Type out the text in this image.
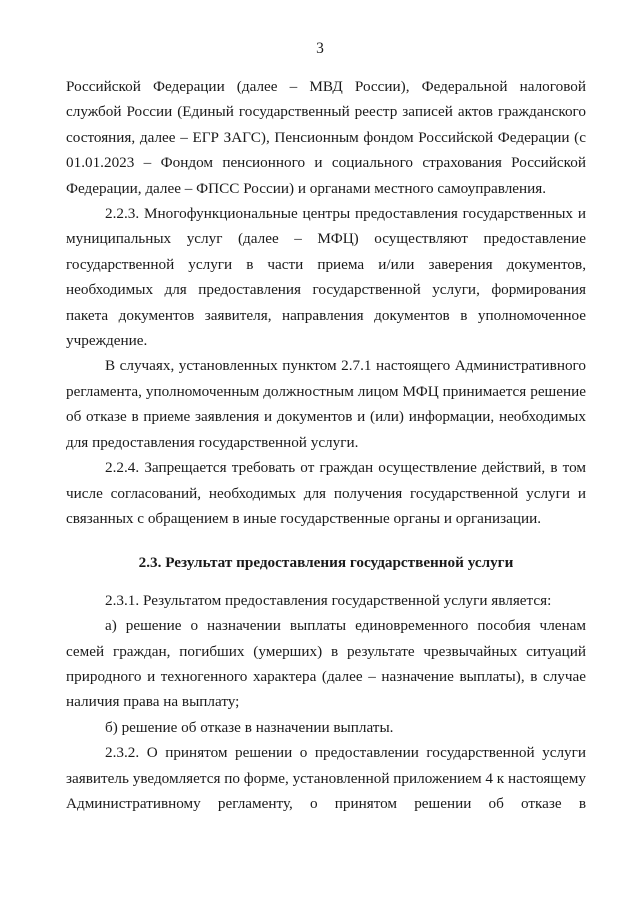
3

Российской Федерации (далее – МВД России), Федеральной налоговой службой России (Единый государственный реестр записей актов гражданского состояния, далее – ЕГР ЗАГС), Пенсионным фондом Российской Федерации (с 01.01.2023 – Фондом пенсионного и социального страхования Российской Федерации, далее – ФПСС России) и органами местного самоуправления.

2.2.3. Многофункциональные центры предоставления государственных и муниципальных услуг (далее – МФЦ) осуществляют предоставление государственной услуги в части приема и/или заверения документов, необходимых для предоставления государственной услуги, формирования пакета документов заявителя, направления документов в уполномоченное учреждение.

В случаях, установленных пунктом 2.7.1 настоящего Административного регламента, уполномоченным должностным лицом МФЦ принимается решение об отказе в приеме заявления и документов и (или) информации, необходимых для предоставления государственной услуги.

2.2.4. Запрещается требовать от граждан осуществление действий, в том числе согласований, необходимых для получения государственной услуги и связанных с обращением в иные государственные органы и организации.

2.3. Результат предоставления государственной услуги

2.3.1. Результатом предоставления государственной услуги является:

а) решение о назначении выплаты единовременного пособия членам семей граждан, погибших (умерших) в результате чрезвычайных ситуаций природного и техногенного характера (далее – назначение выплаты), в случае наличия права на выплату;

б) решение об отказе в назначении выплаты.

2.3.2. О принятом решении о предоставлении государственной услуги заявитель уведомляется по форме, установленной приложением 4 к настоящему Административному регламенту, о принятом решении об отказе в
